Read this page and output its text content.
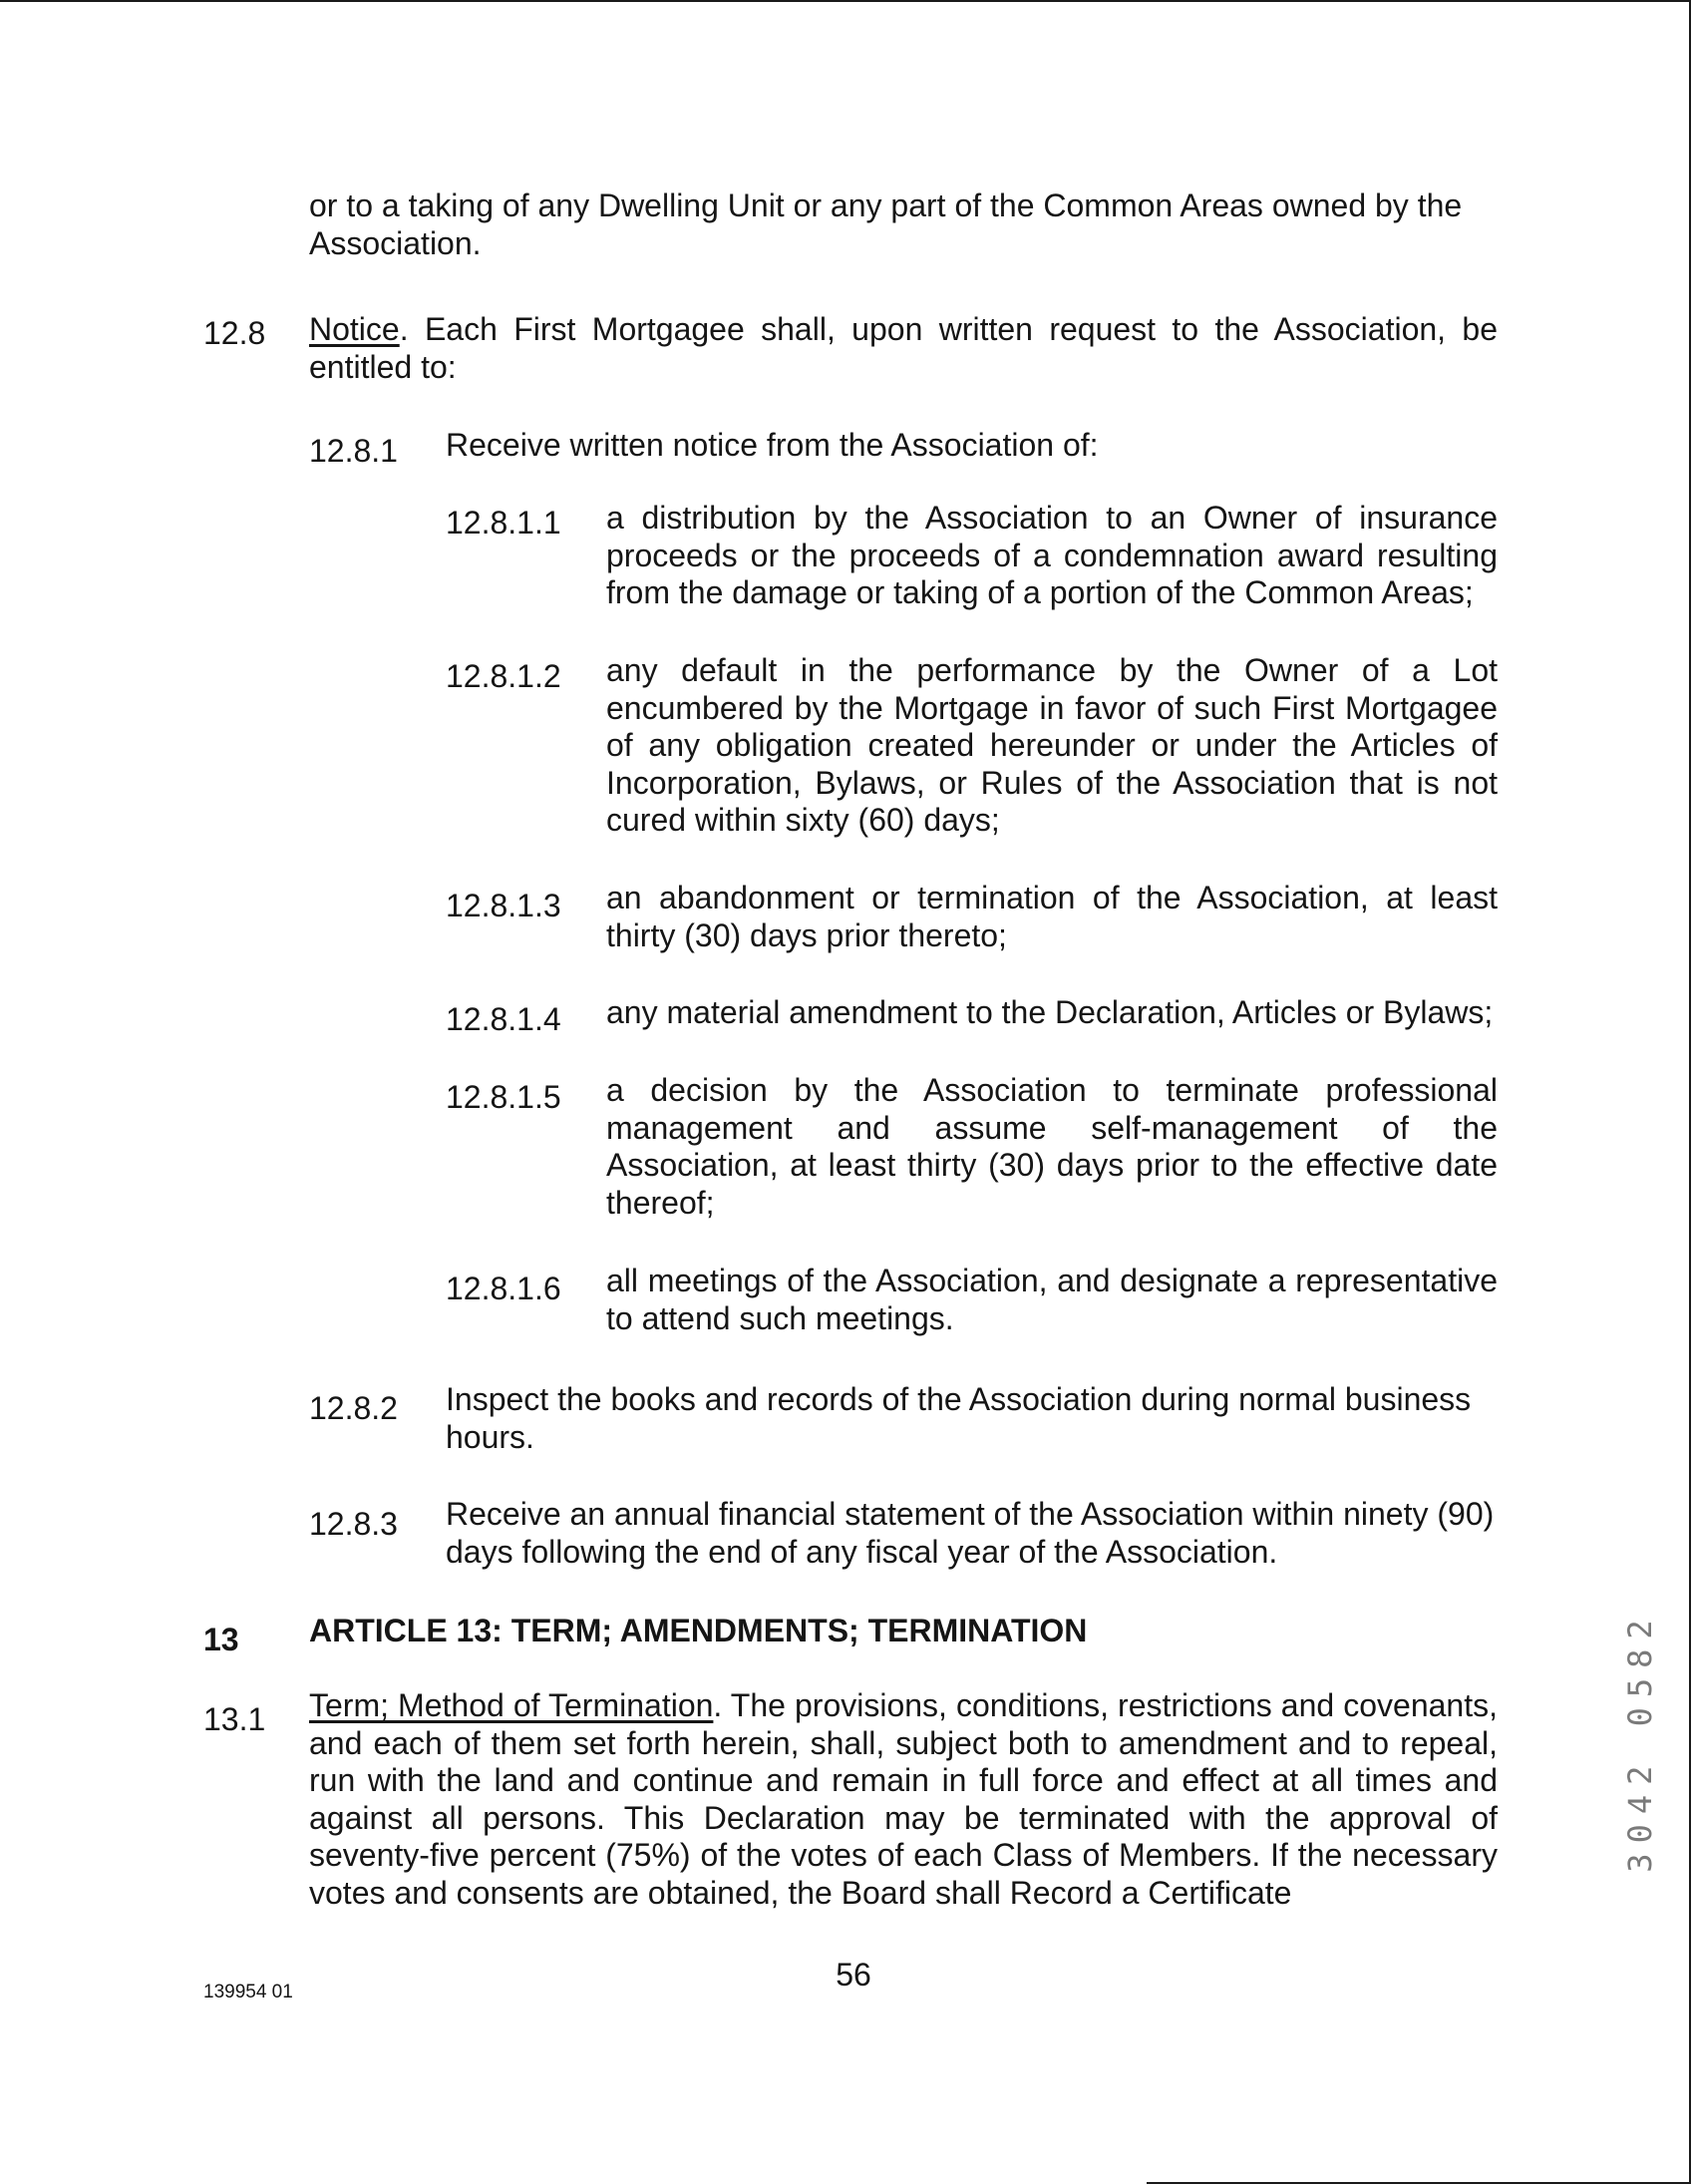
or to a taking of any Dwelling Unit or any part of the Common Areas owned by the Association.
12.8 Notice. Each First Mortgagee shall, upon written request to the Association, be entitled to:
12.8.1 Receive written notice from the Association of:
12.8.1.1 a distribution by the Association to an Owner of insurance proceeds or the proceeds of a condemnation award resulting from the damage or taking of a portion of the Common Areas;
12.8.1.2 any default in the performance by the Owner of a Lot encumbered by the Mortgage in favor of such First Mortgagee of any obligation created hereunder or under the Articles of Incorporation, Bylaws, or Rules of the Association that is not cured within sixty (60) days;
12.8.1.3 an abandonment or termination of the Association, at least thirty (30) days prior thereto;
12.8.1.4 any material amendment to the Declaration, Articles or Bylaws;
12.8.1.5 a decision by the Association to terminate professional management and assume self-management of the Association, at least thirty (30) days prior to the effective date thereof;
12.8.1.6 all meetings of the Association, and designate a representative to attend such meetings.
12.8.2 Inspect the books and records of the Association during normal business hours.
12.8.3 Receive an annual financial statement of the Association within ninety (90) days following the end of any fiscal year of the Association.
13 ARTICLE 13: TERM; AMENDMENTS; TERMINATION
13.1 Term; Method of Termination. The provisions, conditions, restrictions and covenants, and each of them set forth herein, shall, subject both to amendment and to repeal, run with the land and continue and remain in full force and effect at all times and against all persons. This Declaration may be terminated with the approval of seventy-five percent (75%) of the votes of each Class of Members. If the necessary votes and consents are obtained, the Board shall Record a Certificate
139954 01	56
3042 0582
